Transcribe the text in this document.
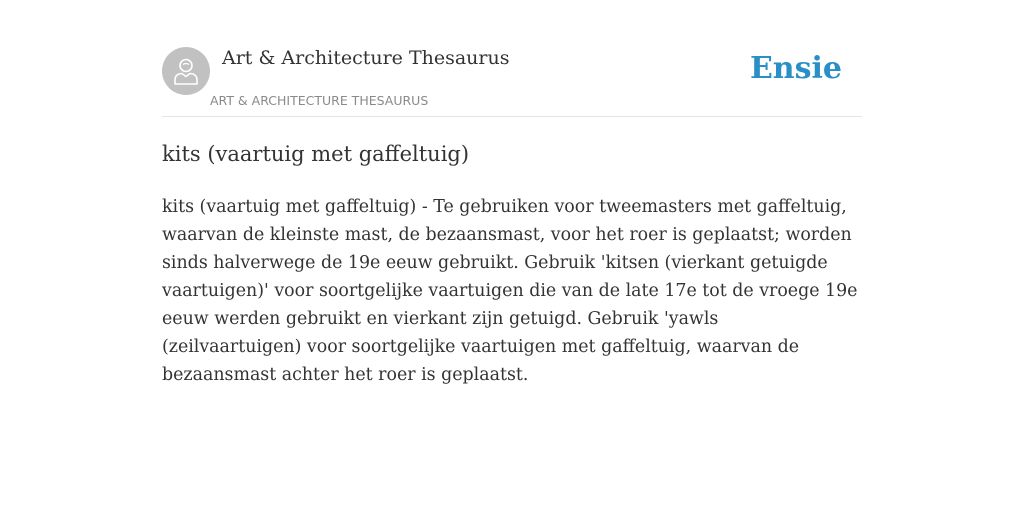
Art & Architecture Thesaurus
ART & ARCHITECTURE THESAURUS
Ensie
kits (vaartuig met gaffeltuig)

kits (vaartuig met gaffeltuig) - Te gebruiken voor tweemasters met gaffeltuig, waarvan de kleinste mast, de bezaansmast, voor het roer is geplaatst; worden sinds halverwege de 19e eeuw gebruikt. Gebruik 'kitsen (vierkant getuigde vaartuigen)' voor soortgelijke vaartuigen die van de late 17e tot de vroege 19e eeuw werden gebruikt en vierkant zijn getuigd. Gebruik 'yawls (zeilvaartuigen) voor soortgelijke vaartuigen met gaffeltuig, waarvan de bezaansmast achter het roer is geplaatst.
